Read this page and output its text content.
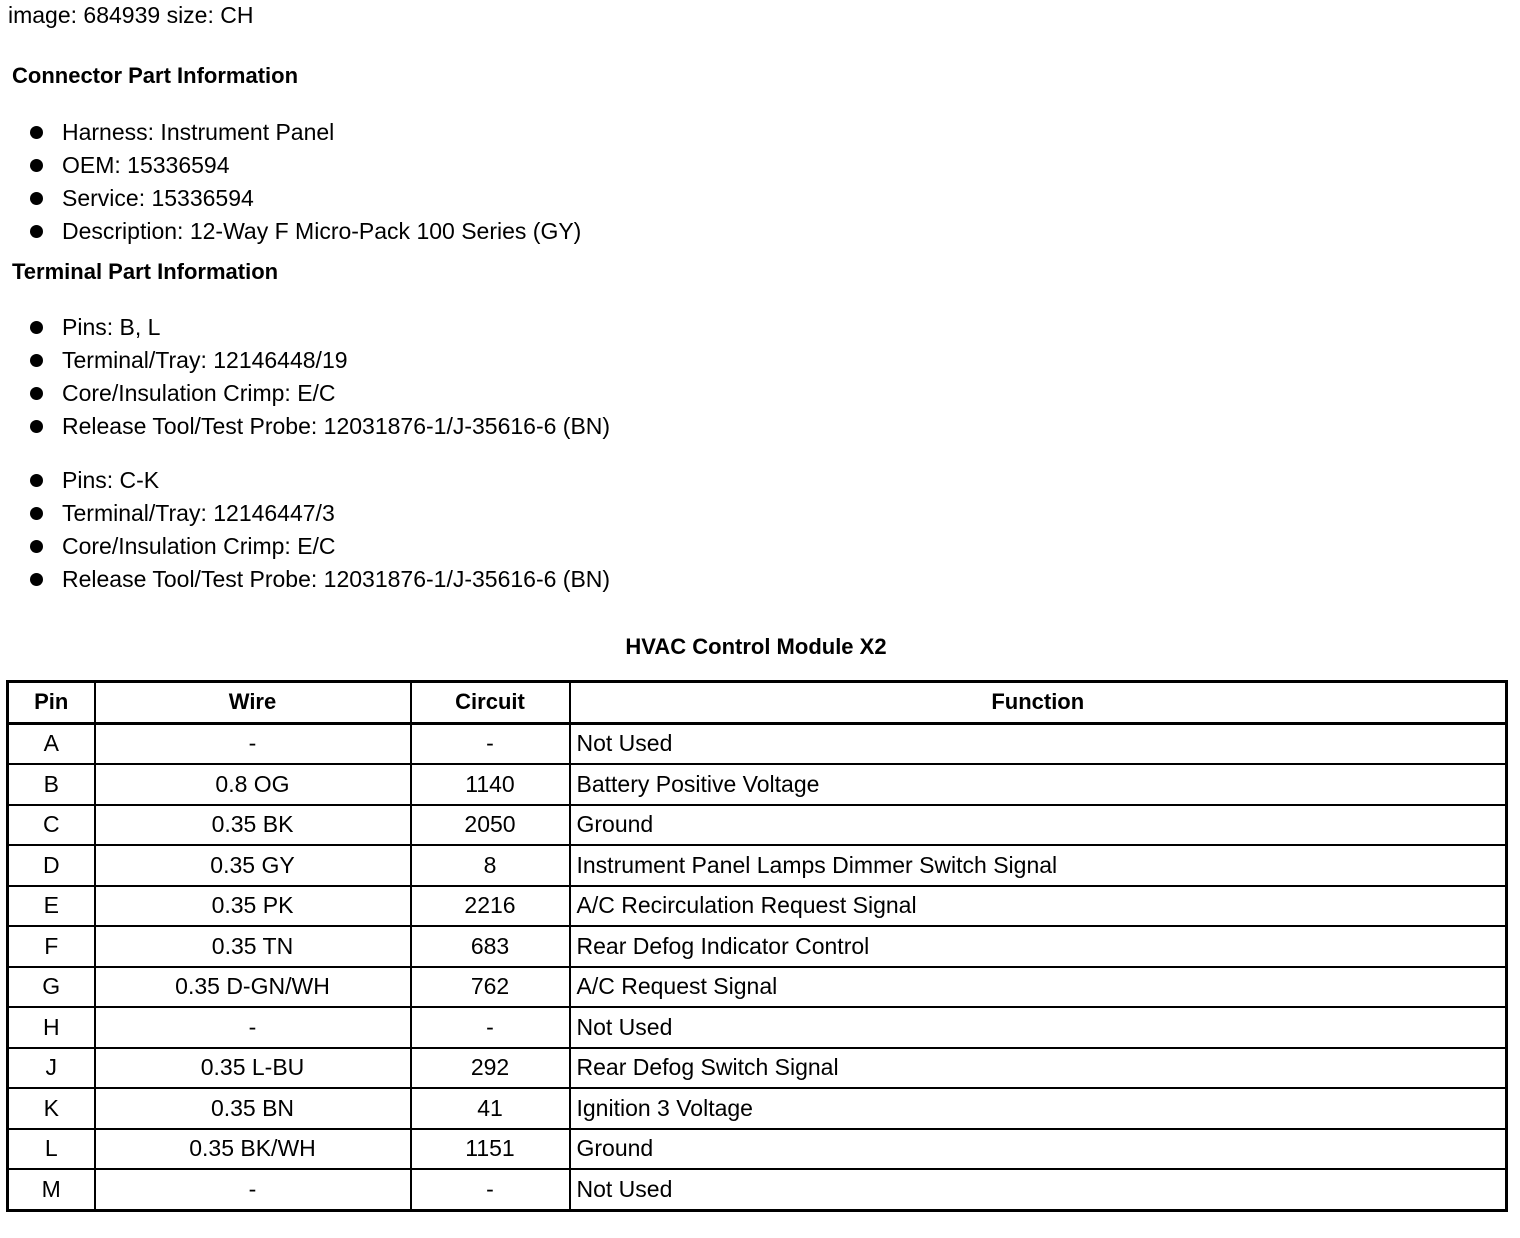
image: 684939 size: CH
Connector Part Information
Harness: Instrument Panel
OEM: 15336594
Service: 15336594
Description: 12-Way F Micro-Pack 100 Series (GY)
Terminal Part Information
Pins: B, L
Terminal/Tray: 12146448/19
Core/Insulation Crimp: E/C
Release Tool/Test Probe: 12031876-1/J-35616-6 (BN)
Pins: C-K
Terminal/Tray: 12146447/3
Core/Insulation Crimp: E/C
Release Tool/Test Probe: 12031876-1/J-35616-6 (BN)
HVAC Control Module X2
Pin	Wire	Circuit	Function
A	-	-	Not Used
B	0.8 OG	1140	Battery Positive Voltage
C	0.35 BK	2050	Ground
D	0.35 GY	8	Instrument Panel Lamps Dimmer Switch Signal
E	0.35 PK	2216	A/C Recirculation Request Signal
F	0.35 TN	683	Rear Defog Indicator Control
G	0.35 D-GN/WH	762	A/C Request Signal
H	-	-	Not Used
J	0.35 L-BU	292	Rear Defog Switch Signal
K	0.35 BN	41	Ignition 3 Voltage
L	0.35 BK/WH	1151	Ground
M	-	-	Not Used
